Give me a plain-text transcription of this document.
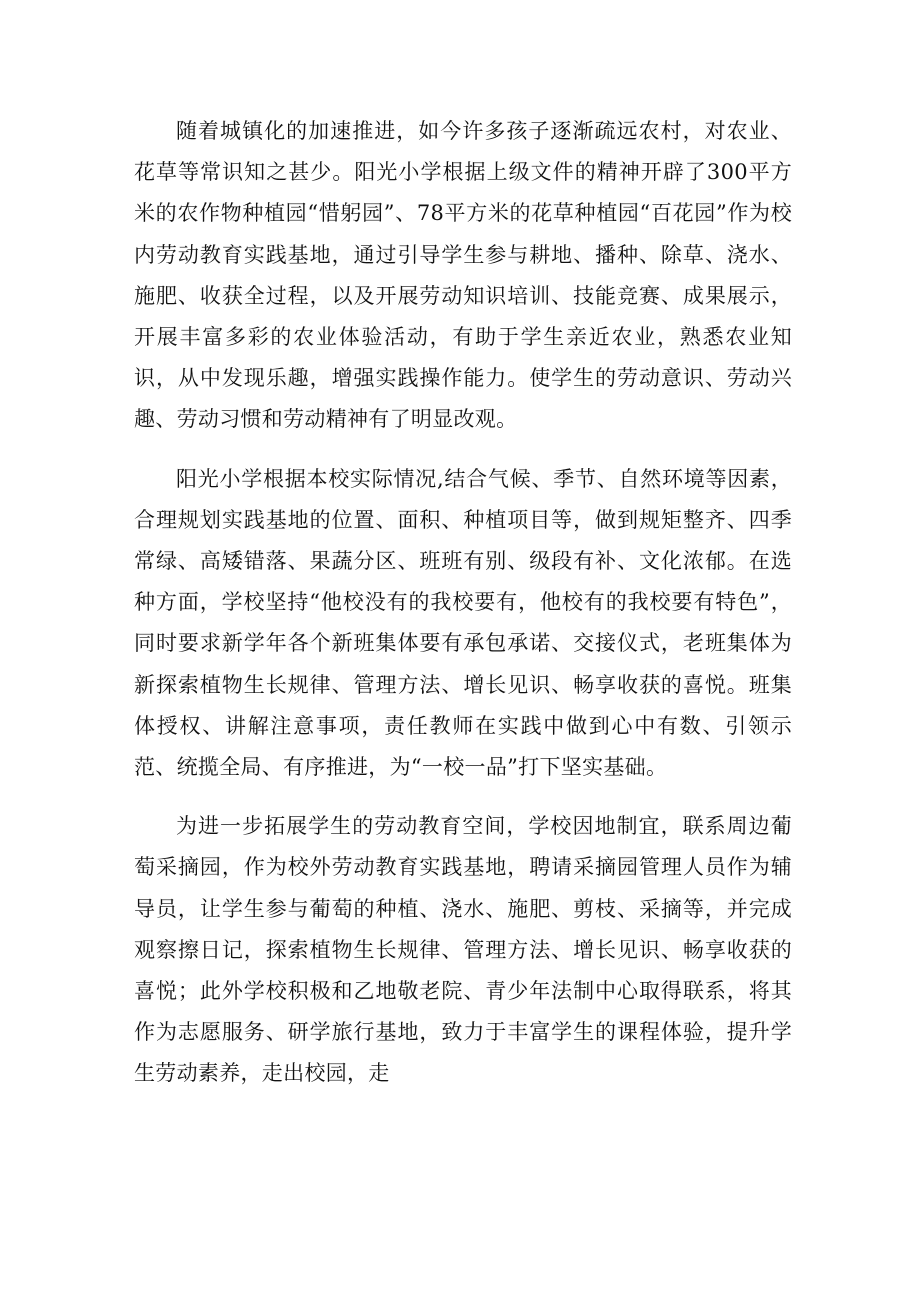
随着城镇化的加速推进，如今许多孩子逐渐疏远农村，对农业、花草等常识知之甚少。阳光小学根据上级文件的精神开辟了300平方米的农作物种植园“惜躬园”、78平方米的花草种植园“百花园”作为校内劳动教育实践基地，通过引导学生参与耕地、播种、除草、浇水、施肥、收获全过程，以及开展劳动知识培训、技能竞赛、成果展示，开展丰富多彩的农业体验活动，有助于学生亲近农业，熟悉农业知识，从中发现乐趣，增强实践操作能力。使学生的劳动意识、劳动兴趣、劳动习惯和劳动精神有了明显改观。

阳光小学根据本校实际情况,结合气候、季节、自然环境等因素，合理规划实践基地的位置、面积、种植项目等，做到规矩整齐、四季常绿、高矮错落、果蔬分区、班班有别、级段有补、文化浓郁。在选种方面，学校坚持“他校没有的我校要有，他校有的我校要有特色”，同时要求新学年各个新班集体要有承包承诺、交接仪式，老班集体为新探索植物生长规律、管理方法、增长见识、畅享收获的喜悦。班集体授权、讲解注意事项，责任教师在实践中做到心中有数、引领示范、统揽全局、有序推进，为“一校一品”打下坚实基础。

为进一步拓展学生的劳动教育空间，学校因地制宜，联系周边葡萄采摘园，作为校外劳动教育实践基地，聘请采摘园管理人员作为辅导员，让学生参与葡萄的种植、浇水、施肥、剪枝、采摘等，并完成观察擦日记，探索植物生长规律、管理方法、增长见识、畅享收获的喜悦；此外学校积极和乙地敬老院、青少年法制中心取得联系，将其作为志愿服务、研学旅行基地，致力于丰富学生的课程体验，提升学生劳动素养，走出校园，走
